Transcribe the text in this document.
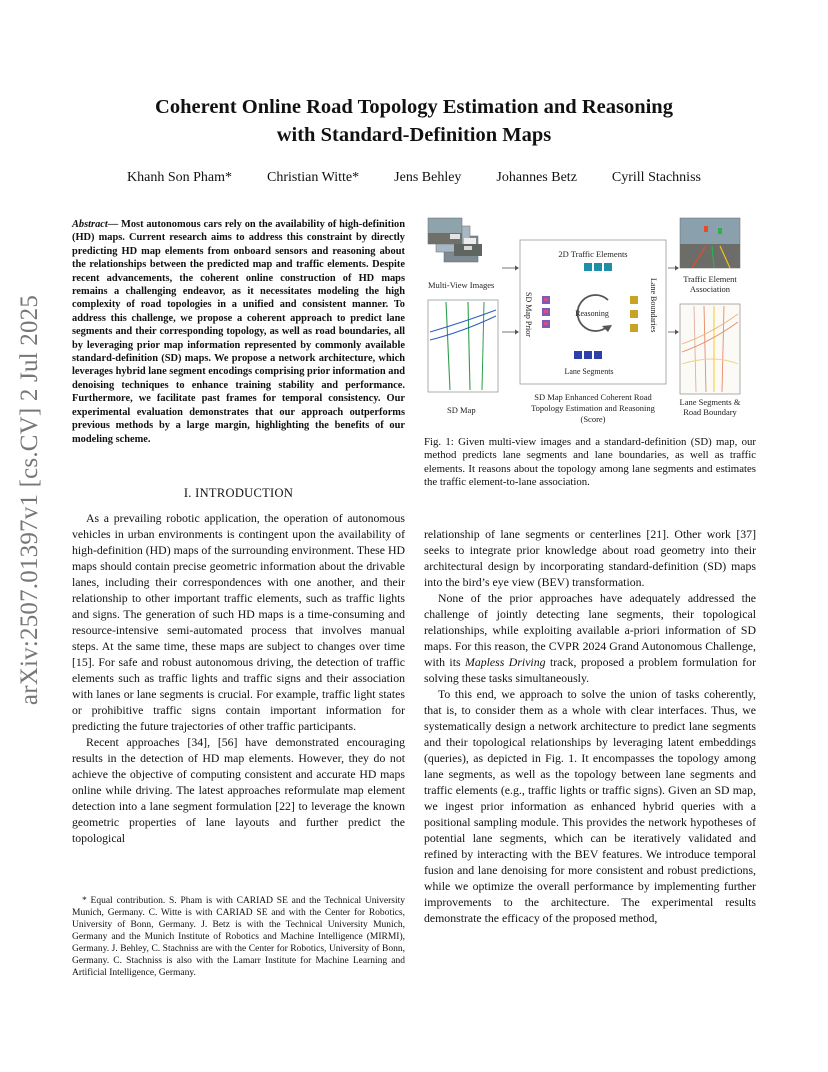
arXiv:2507.01397v1 [cs.CV] 2 Jul 2025
Coherent Online Road Topology Estimation and Reasoning
with Standard-Definition Maps
Khanh Son Pham*	Christian Witte*	Jens Behley	Johannes Betz	Cyrill Stachniss
Abstract— Most autonomous cars rely on the availability of high-definition (HD) maps. Current research aims to address this constraint by directly predicting HD map elements from onboard sensors and reasoning about the relationships between the predicted map and traffic elements. Despite recent advancements, the coherent online construction of HD maps remains a challenging endeavor, as it necessitates modeling the high complexity of road topologies in a unified and consistent manner. To address this challenge, we propose a coherent approach to predict lane segments and their corresponding topology, as well as road boundaries, all by leveraging prior map information represented by commonly available standard-definition (SD) maps. We propose a network architecture, which leverages hybrid lane segment encodings comprising prior information and denoising techniques to enhance training stability and performance. Furthermore, we facilitate past frames for temporal consistency. Our experimental evaluation demonstrates that our approach outperforms previous methods by a large margin, highlighting the benefits of our modeling scheme.
I. INTRODUCTION

As a prevailing robotic application, the operation of autonomous vehicles in urban environments is contingent upon the availability of high-definition (HD) maps of the surrounding environment. These HD maps should contain precise geometric information about the drivable lanes, including their correspondences with one another, and their relationship to other important traffic elements, such as traffic lights and signs. The generation of such HD maps is a time-consuming and resource-intensive semi-automated process that involves manual steps. At the same time, these maps are subject to changes over time [15]. For safe and robust autonomous driving, the detection of traffic elements such as traffic lights and traffic signs and their association with lanes or lane segments is crucial. For example, traffic light states or prohibitive traffic signs contain important information for predicting the future trajectories of other traffic participants.

Recent approaches [34], [56] have demonstrated encouraging results in the detection of HD map elements. However, they do not achieve the objective of computing consistent and accurate HD maps online while driving. The latest approaches reformulate map element detection into a lane segment formulation [22] to leverage the known geometric properties of lane layouts and further predict the topological

* Equal contribution. S. Pham is with CARIAD SE and the Technical University Munich, Germany. C. Witte is with CARIAD SE and with the Center for Robotics, University of Bonn, Germany. J. Betz is with the Technical University Munich, Germany and the Munich Institute of Robotics and Machine Intelligence (MIRMI), Germany. J. Behley, C. Stachniss are with the Center for Robotics, University of Bonn, Germany. C. Stachniss is also with the Lamarr Institute for Machine Learning and Artificial Intelligence, Germany.

Multi-View Images
SD Map
2D Traffic Elements
SD Map Prior	Reasoning	Lane Boundaries
Lane Segments
SD Map Enhanced Coherent Road
Topology Estimation and Reasoning
(Score)
Traffic Element
Association
Lane Segments &
Road Boundary
Fig. 1: Given multi-view images and a standard-definition (SD) map, our method predicts lane segments and lane boundaries, as well as traffic elements. It reasons about the topology among lane segments and estimates the traffic element-to-lane association.

relationship of lane segments or centerlines [21]. Other work [37] seeks to integrate prior knowledge about road geometry into their architectural design by incorporating standard-definition (SD) maps into the bird’s eye view (BEV) transformation.

None of the prior approaches have adequately addressed the challenge of jointly detecting lane segments, their topological relationships, while exploiting available a-priori information of SD maps. For this reason, the CVPR 2024 Grand Autonomous Challenge, with its Mapless Driving track, proposed a problem formulation for solving these tasks simultaneously.

To this end, we approach to solve the union of tasks coherently, that is, to consider them as a whole with clear interfaces. Thus, we systematically design a network architecture to predict lane segments and their topological relationships by leveraging latent embeddings (queries), as depicted in Fig. 1. It encompasses the topology among lane segments, as well as the topology between lane segments and traffic elements (e.g., traffic lights or traffic signs). Given an SD map, we ingest prior information as enhanced hybrid queries with a positional sampling module. This provides the network hypotheses of potential lane segments, which can be iteratively validated and refined by interacting with the BEV features. We introduce temporal fusion and lane denoising for more consistent and robust predictions, while we optimize the overall performance by implementing further improvements to the architecture. The experimental results demonstrate the efficacy of the proposed method,
